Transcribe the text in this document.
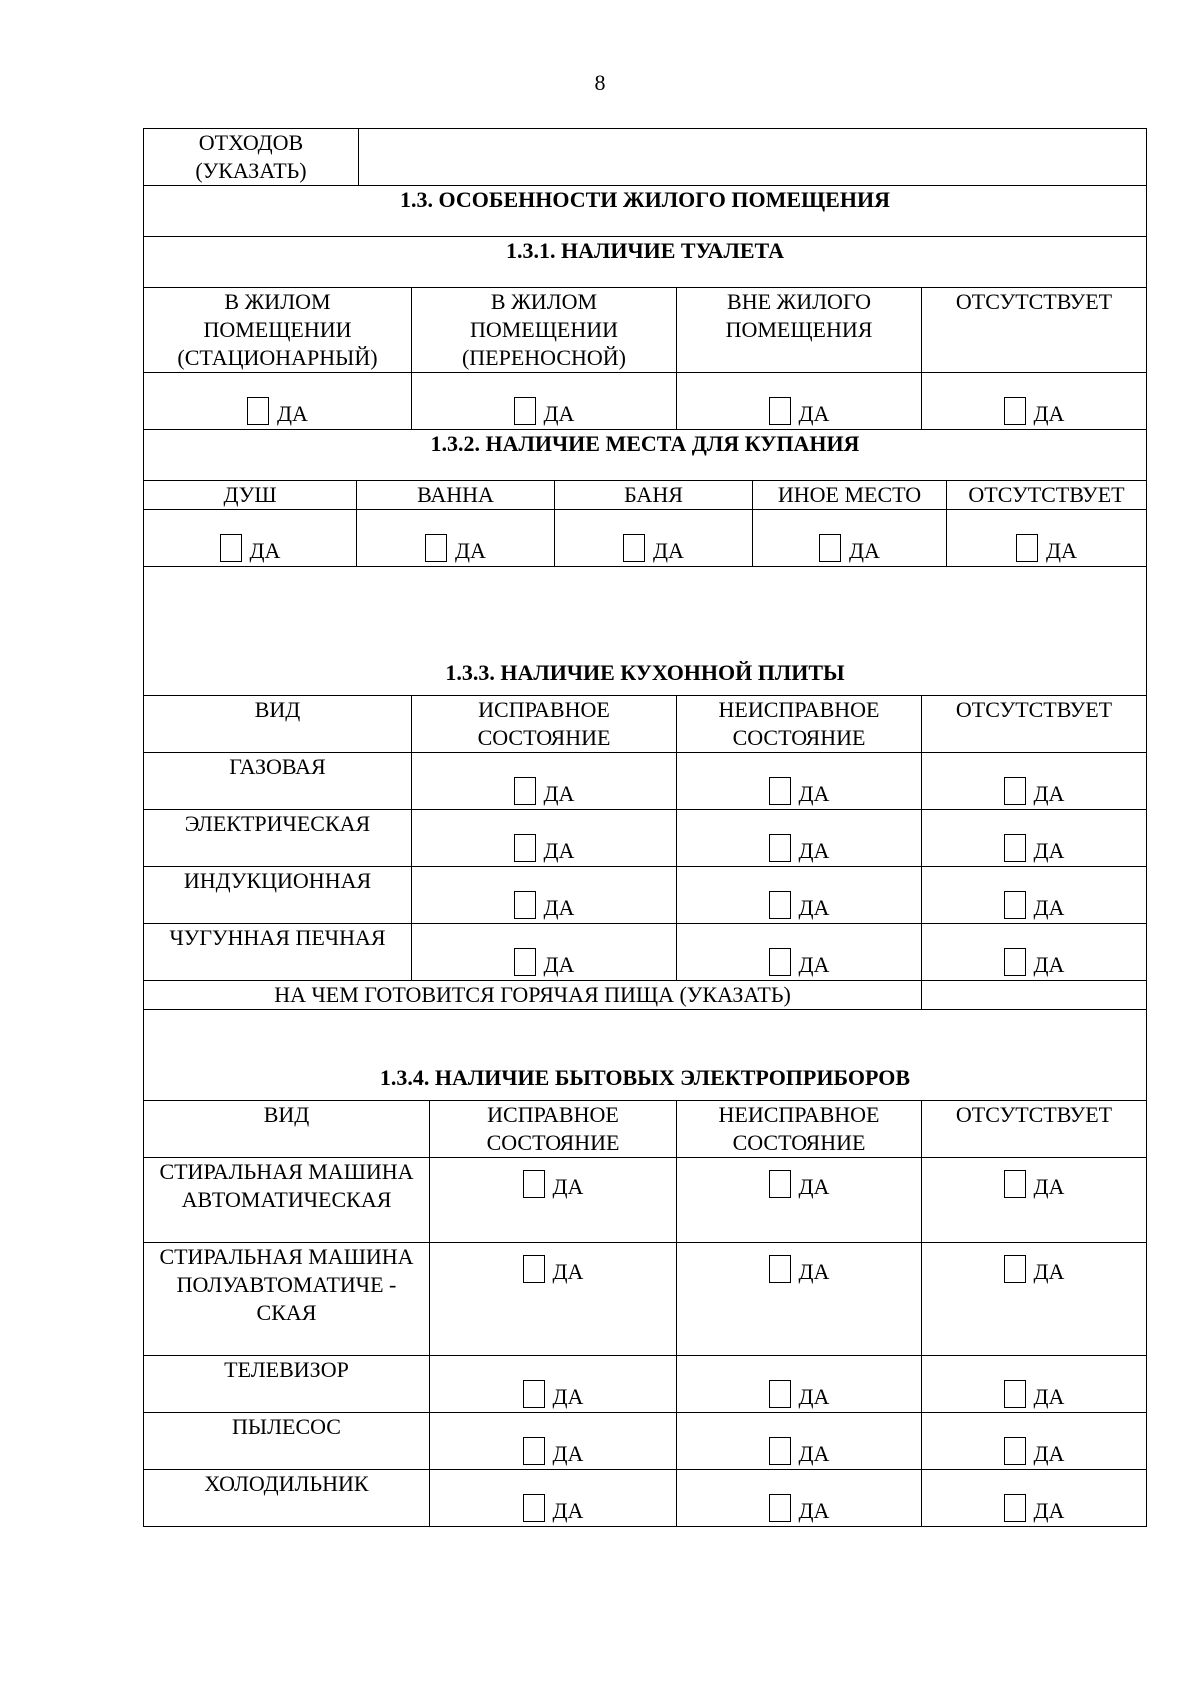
8
ОТХОДОВ (УКАЗАТЬ)	
1.3. ОСОБЕННОСТИ ЖИЛОГО ПОМЕЩЕНИЯ
1.3.1. НАЛИЧИЕ ТУАЛЕТА
В ЖИЛОМ ПОМЕЩЕНИИ (СТАЦИОНАРНЫЙ)	В ЖИЛОМ ПОМЕЩЕНИИ (ПЕРЕНОСНОЙ)	ВНЕ ЖИЛОГО ПОМЕЩЕНИЯ	ОТСУТСТВУЕТ
ДА	ДА	ДА	ДА
1.3.2. НАЛИЧИЕ МЕСТА ДЛЯ КУПАНИЯ
ДУШ	ВАННА	БАНЯ	ИНОЕ МЕСТО	ОТСУТСТВУЕТ
ДА	ДА	ДА	ДА	ДА
1.3.3. НАЛИЧИЕ КУХОННОЙ ПЛИТЫ
ВИД	ИСПРАВНОЕ СОСТОЯНИЕ	НЕИСПРАВНОЕ СОСТОЯНИЕ	ОТСУТСТВУЕТ
ГАЗОВАЯ	ДА	ДА	ДА
ЭЛЕКТРИЧЕСКАЯ	ДА	ДА	ДА
ИНДУКЦИОННАЯ	ДА	ДА	ДА
ЧУГУННАЯ ПЕЧНАЯ	ДА	ДА	ДА
НА ЧЕМ ГОТОВИТСЯ ГОРЯЧАЯ ПИЩА (УКАЗАТЬ)	
1.3.4. НАЛИЧИЕ БЫТОВЫХ ЭЛЕКТРОПРИБОРОВ
ВИД	ИСПРАВНОЕ СОСТОЯНИЕ	НЕИСПРАВНОЕ СОСТОЯНИЕ	ОТСУТСТВУЕТ
СТИРАЛЬНАЯ МАШИНА АВТОМАТИЧЕСКАЯ	ДА	ДА	ДА
СТИРАЛЬНАЯ МАШИНА ПОЛУАВТОМАТИЧЕ - СКАЯ	ДА	ДА	ДА
ТЕЛЕВИЗОР	ДА	ДА	ДА
ПЫЛЕСОС	ДА	ДА	ДА
ХОЛОДИЛЬНИК	ДА	ДА	ДА
